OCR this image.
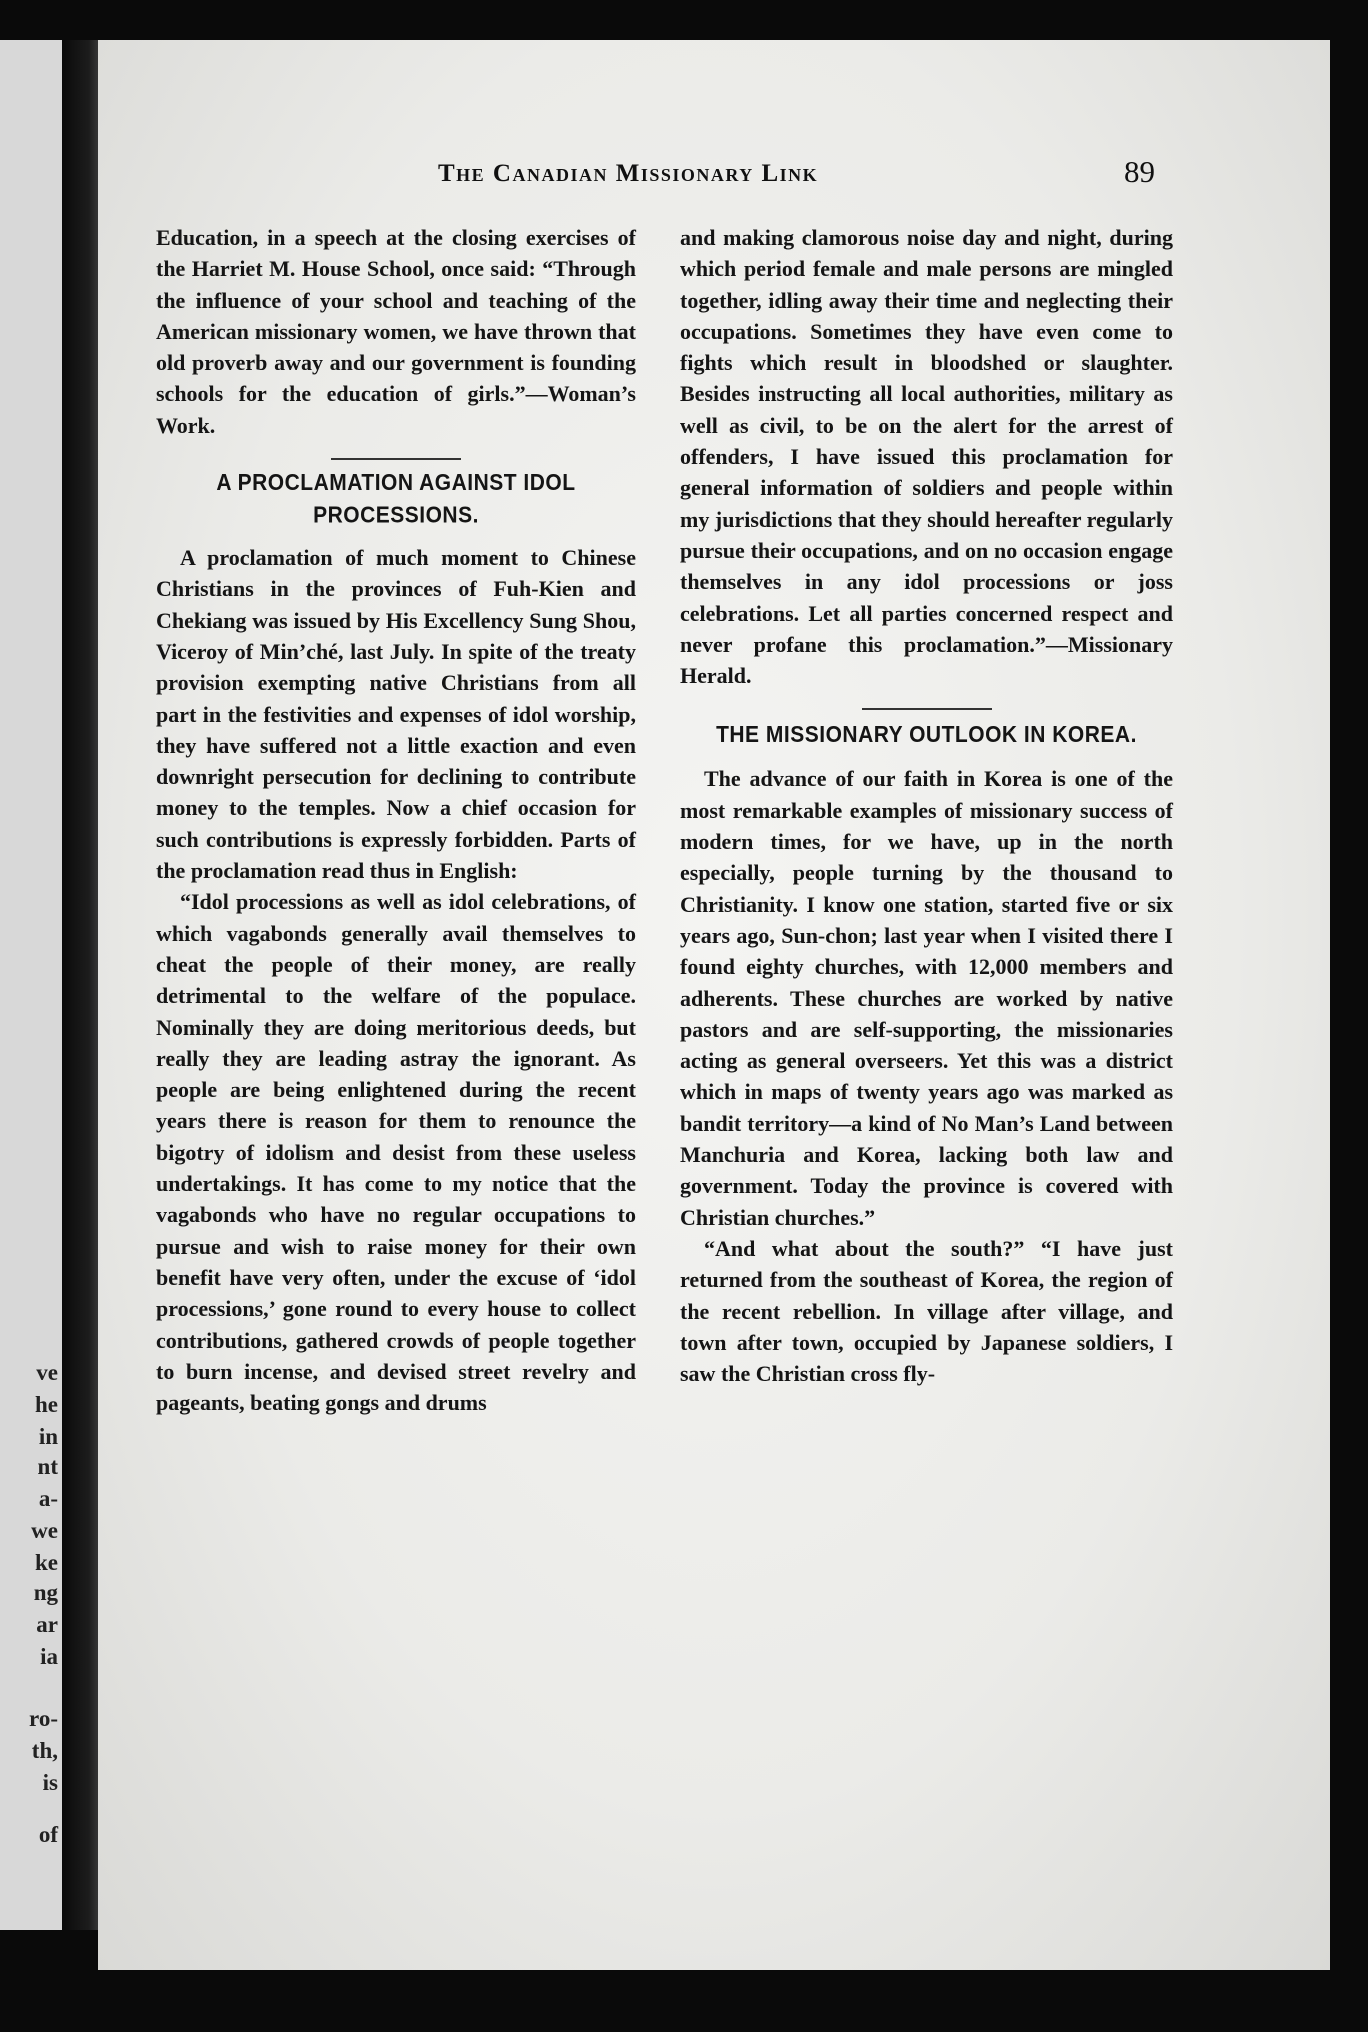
ve
he
in
nt
a-
we
ke
ng
ar
ia
ro-
th,
is
of
The Canadian Missionary Link	89

Education, in a speech at the closing exercises of the Harriet M. House School, once said: “Through the influence of your school and teaching of the American missionary women, we have thrown that old proverb away and our government is founding schools for the education of girls.”—Woman’s Work.

A PROCLAMATION AGAINST IDOL PROCESSIONS.

A proclamation of much moment to Chinese Christians in the provinces of Fuh-Kien and Chekiang was issued by His Excellency Sung Shou, Viceroy of Min’ché, last July. In spite of the treaty provision exempting native Christians from all part in the festivities and expenses of idol worship, they have suffered not a little exaction and even downright persecution for declining to contribute money to the temples. Now a chief occasion for such contributions is expressly forbidden. Parts of the proclamation read thus in English:

“Idol processions as well as idol celebrations, of which vagabonds generally avail themselves to cheat the people of their money, are really detrimental to the welfare of the populace. Nominally they are doing meritorious deeds, but really they are leading astray the ignorant. As people are being enlightened during the recent years there is reason for them to renounce the bigotry of idolism and desist from these useless undertakings. It has come to my notice that the vagabonds who have no regular occupations to pursue and wish to raise money for their own benefit have very often, under the excuse of ‘idol processions,’ gone round to every house to collect contributions, gathered crowds of people together to burn incense, and devised street revelry and pageants, beating gongs and drums

and making clamorous noise day and night, during which period female and male persons are mingled together, idling away their time and neglecting their occupations. Sometimes they have even come to fights which result in bloodshed or slaughter. Besides instructing all local authorities, military as well as civil, to be on the alert for the arrest of offenders, I have issued this proclamation for general information of soldiers and people within my jurisdictions that they should hereafter regularly pursue their occupations, and on no occasion engage themselves in any idol processions or joss celebrations. Let all parties concerned respect and never profane this proclamation.”—Missionary Herald.

THE MISSIONARY OUTLOOK IN KOREA.

The advance of our faith in Korea is one of the most remarkable examples of missionary success of modern times, for we have, up in the north especially, people turning by the thousand to Christianity. I know one station, started five or six years ago, Sun-chon; last year when I visited there I found eighty churches, with 12,000 members and adherents. These churches are worked by native pastors and are self-supporting, the missionaries acting as general overseers. Yet this was a district which in maps of twenty years ago was marked as bandit territory—a kind of No Man’s Land between Manchuria and Korea, lacking both law and government. Today the province is covered with Christian churches.”

“And what about the south?” “I have just returned from the southeast of Korea, the region of the recent rebellion. In village after village, and town after town, occupied by Japanese soldiers, I saw the Christian cross fly-
